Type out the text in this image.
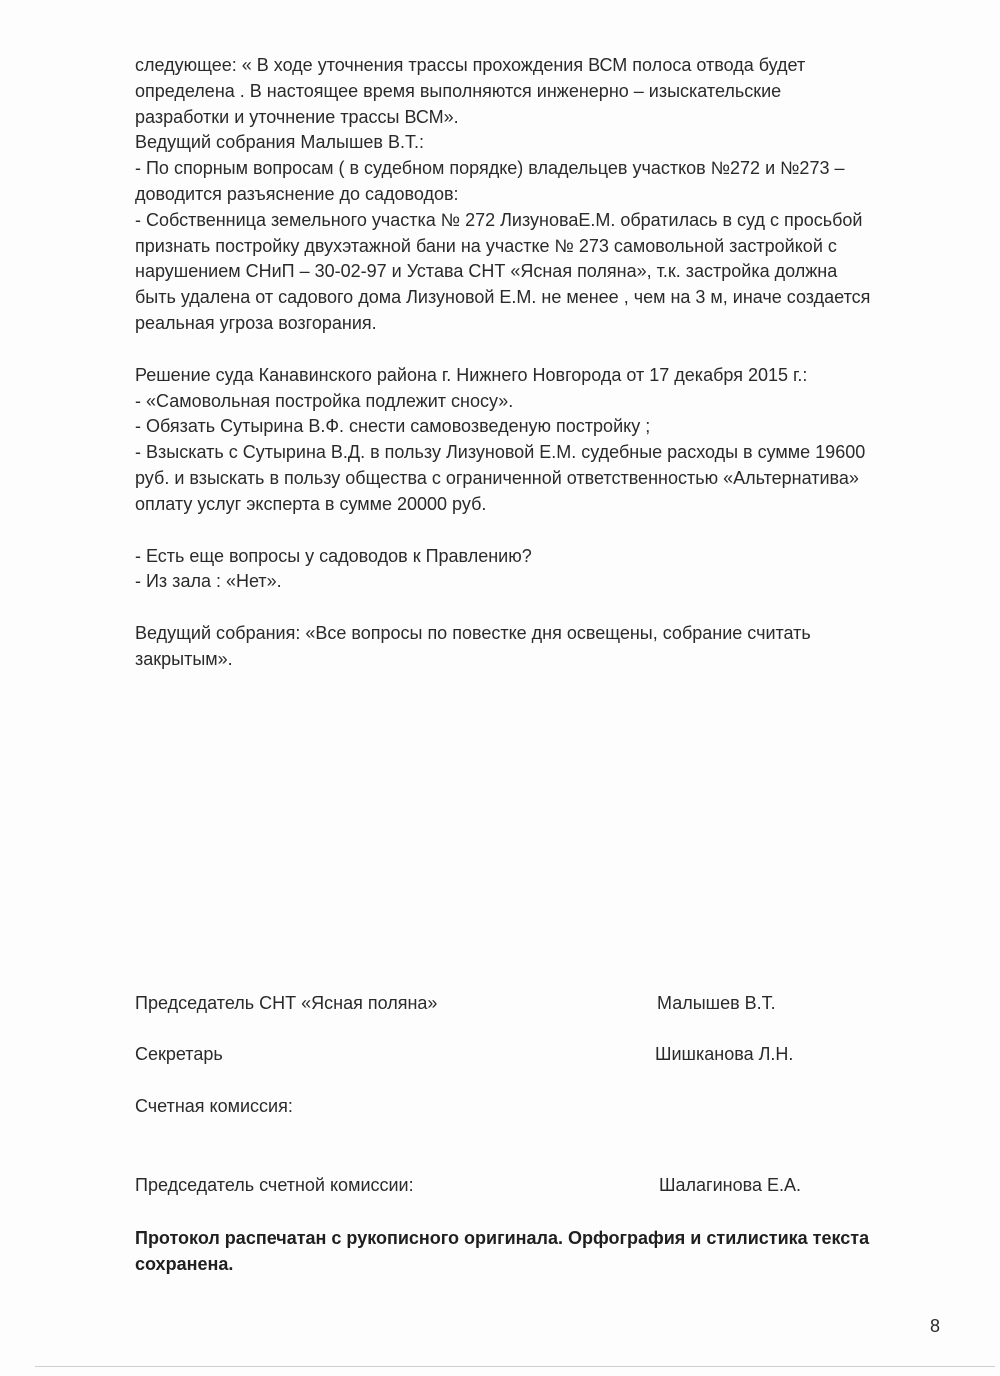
следующее: « В ходе уточнения трассы прохождения ВСМ полоса отвода будет
определена . В настоящее время выполняются инженерно – изыскательские
разработки и уточнение трассы ВСМ».
Ведущий собрания Малышев В.Т.:
- По спорным вопросам ( в судебном порядке) владельцев участков №272 и №273 –
доводится разъяснение до садоводов:
- Собственница земельного участка № 272 ЛизуноваЕ.М. обратилась в суд с просьбой
признать постройку двухэтажной бани на участке № 273 самовольной застройкой с
нарушением СНиП – 30-02-97 и Устава СНТ «Ясная поляна», т.к. застройка должна
быть удалена от садового дома Лизуновой Е.М. не менее , чем на 3 м, иначе создается
реальная угроза возгорания.
Решение суда Канавинского района г. Нижнего Новгорода от 17 декабря 2015 г.:
- «Самовольная постройка подлежит сносу».
- Обязать Сутырина В.Ф. снести самовозведеную постройку ;
- Взыскать с Сутырина В.Д. в пользу Лизуновой Е.М. судебные расходы в сумме 19600
руб. и взыскать в пользу общества с ограниченной ответственностью «Альтернатива»
оплату услуг эксперта в сумме 20000 руб.
- Есть еще вопросы у садоводов к Правлению?
- Из зала : «Нет».
Ведущий собрания: «Все вопросы по повестке дня освещены, собрание считать
закрытым».
Председатель СНТ «Ясная поляна»	Малышев В.Т.
Секретарь	Шишканова Л.Н.
Счетная комиссия:
Председатель счетной комиссии:	Шалагинова Е.А.
Протокол распечатан с рукописного оригинала. Орфография и стилистика текста сохранена.
8
